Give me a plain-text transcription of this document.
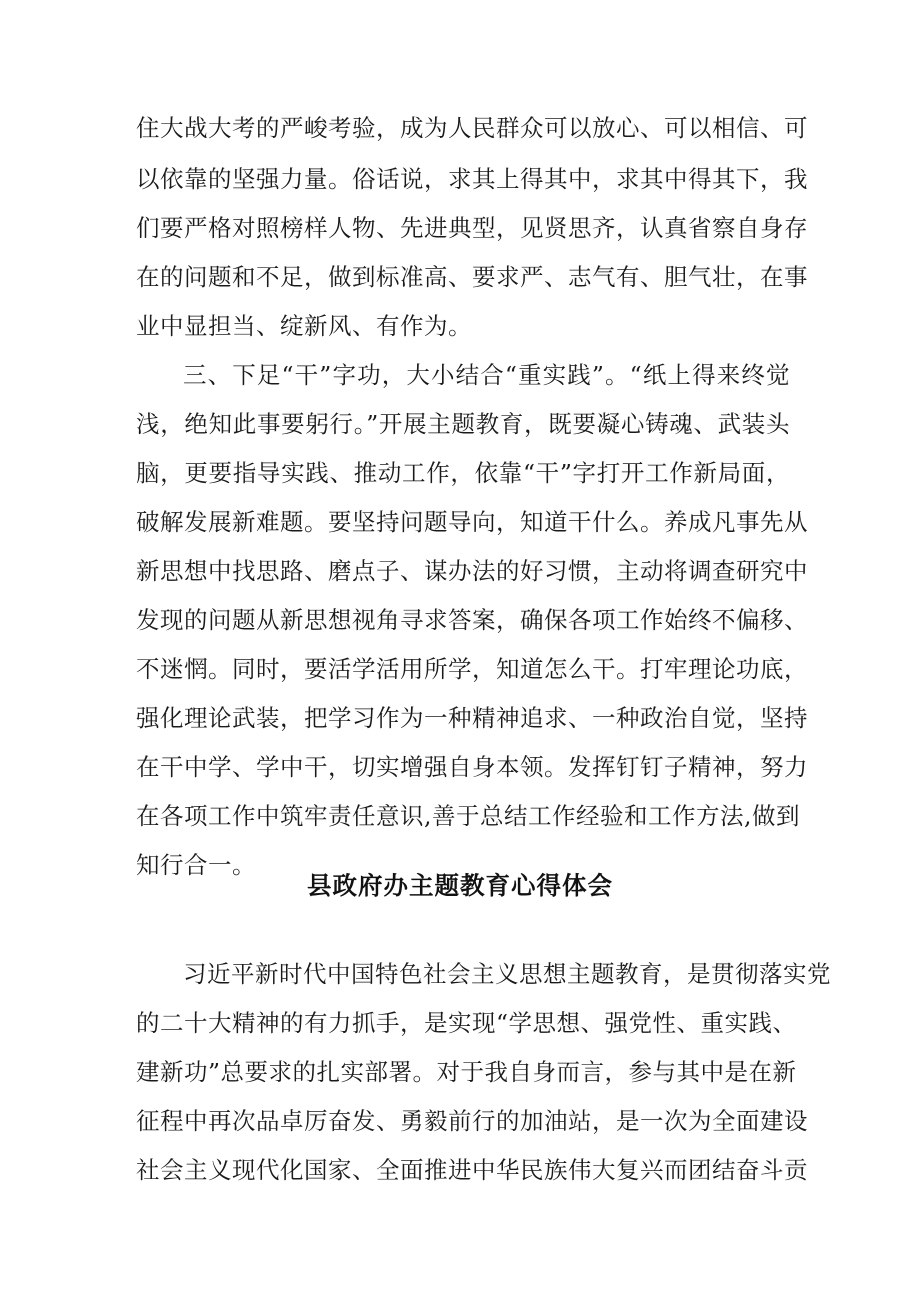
住大战大考的严峻考验，成为人民群众可以放心、可以相信、可
以依靠的坚强力量。俗话说，求其上得其中，求其中得其下，我
们要严格对照榜样人物、先进典型，见贤思齐，认真省察自身存
在的问题和不足，做到标准高、要求严、志气有、胆气壮，在事
业中显担当、绽新风、有作为。
三、下足“干”字功，大小结合“重实践”。“纸上得来终觉
浅，绝知此事要躬行。”开展主题教育，既要凝心铸魂、武装头
脑，更要指导实践、推动工作，依靠“干”字打开工作新局面，
破解发展新难题。要坚持问题导向，知道干什么。养成凡事先从
新思想中找思路、磨点子、谋办法的好习惯，主动将调查研究中
发现的问题从新思想视角寻求答案，确保各项工作始终不偏移、
不迷惘。同时，要活学活用所学，知道怎么干。打牢理论功底，
强化理论武装，把学习作为一种精神追求、一种政治自觉，坚持
在干中学、学中干，切实增强自身本领。发挥钉钉子精神，努力
在各项工作中筑牢责任意识,善于总结工作经验和工作方法,做到
知行合一。
县政府办主题教育心得体会
习近平新时代中国特色社会主义思想主题教育，是贯彻落实党
的二十大精神的有力抓手，是实现“学思想、强党性、重实践、
建新功”总要求的扎实部署。对于我自身而言，参与其中是在新
征程中再次品卓厉奋发、勇毅前行的加油站，是一次为全面建设
社会主义现代化国家、全面推进中华民族伟大复兴而团结奋斗贡
